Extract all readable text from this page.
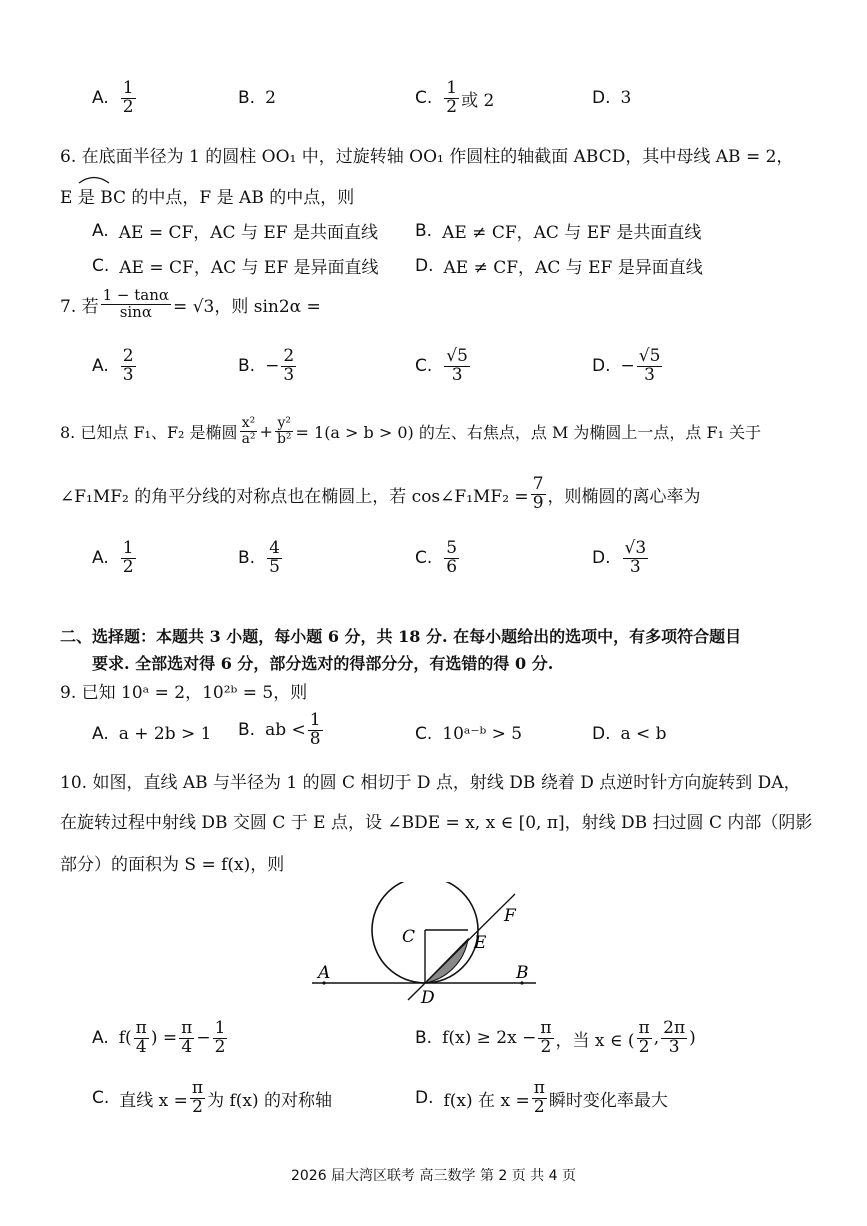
A. $\frac{1}{2}$	B. 2	C. $\frac{1}{2}$ 或 2	D. 3
6. 在底面半径为 1 的圆柱 OO₁ 中，过旋转轴 OO₁ 作圆柱的轴截面 ABCD，其中母线 AB = 2，
E 是 BC 的中点，F 是 AB 的中点，则
A. AE = CF，AC 与 EF 是共面直线 B. AE ≠ CF，AC 与 EF 是共面直线
C. AE = CF，AC 与 EF 是异面直线 D. AE ≠ CF，AC 与 EF 是异面直线
7. 若 $\frac{1 - \tan\alpha}{\sin\alpha} = √3$，则 sin2α =
A. $\frac{2}{3}$	B. − $\frac{2}{3}$	C. $\frac{√5}{3}$	D. − $\frac{√5}{3}$
8. 已知点 F₁、F₂ 是椭圆 $\frac{\text{x²}}{\text{a²}} + \frac{\text{y²}}{\text{b²}} = 1(a > b > 0)$ 的左、右焦点，点 M 为椭圆上一点，点 F₁ 关于
∠F₁MF₂ 的角平分线的对称点也在椭圆上，若 cos∠F₁MF₂ = $\frac{7}{9}$ ，则椭圆的离心率为
A. $\frac{1}{2}$	B. $\frac{4}{5}$	C. $\frac{5}{6}$	D. $\frac{√3}{3}$
二、选择题：本题共 3 小题，每小题 6 分，共 18 分. 在每小题给出的选项中，有多项符合题目
要求. 全部选对得 6 分，部分选对的得部分分，有选错的得 0 分.
9. 已知 10ᵃ = 2，10²ᵇ = 5，则
A. a + 2b > 1 B. ab < $\frac{1}{8}$	C. 10ᵃ⁻ᵇ > 5	D. a < b
10. 如图，直线 AB 与半径为 1 的圆 C 相切于 D 点，射线 DB 绕着 D 点逆时针方向旋转到 DA，
在旋转过程中射线 DB 交圆 C 于 E 点，设 ∠BDE = x, x ∈ [0, π]，射线 DB 扫过圆 C 内部（阴影
部分）的面积为 S = f(x)，则
C	E
F
A	B
D
A. $f( \frac{\pi}{4}$ ) = $\frac{\pi}{4} - \frac{1}{2}$	B. $f(x) \ge 2x - \frac{\pi}{2}$ ，当 x ∈ ( $\frac{\pi}{2}$ , $\frac{2\pi}{3}$ )
C. 直线 $x = \frac{\pi}{2}$ 为 f(x) 的对称轴	D. f(x) 在 $x = \frac{\pi}{2}$ 瞬时变化率最大
2026 届大湾区联考 高三数学 第 2 页 共 4 页
